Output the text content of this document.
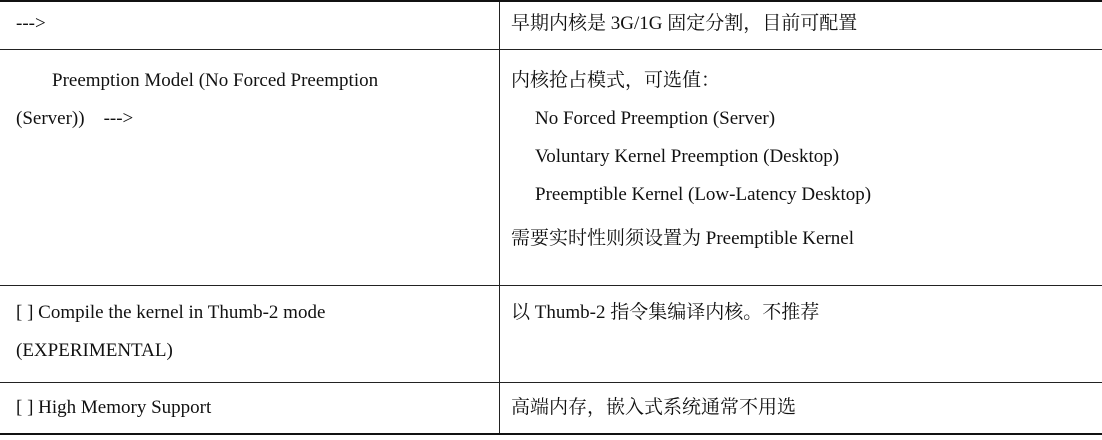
--->	早期内核是 3G/1G 固定分割，目前可配置

Preemption Model (No Forced Preemption
(Server))    --->	内核抢占模式，可选值：
No Forced Preemption (Server)
Voluntary Kernel Preemption (Desktop)
Preemptible Kernel (Low-Latency Desktop)
需要实时性则须设置为 Preemptible Kernel

[ ] Compile the kernel in Thumb-2 mode
(EXPERIMENTAL)	以 Thumb-2 指令集编译内核。不推荐

[ ] High Memory Support	高端内存，嵌入式系统通常不用选
